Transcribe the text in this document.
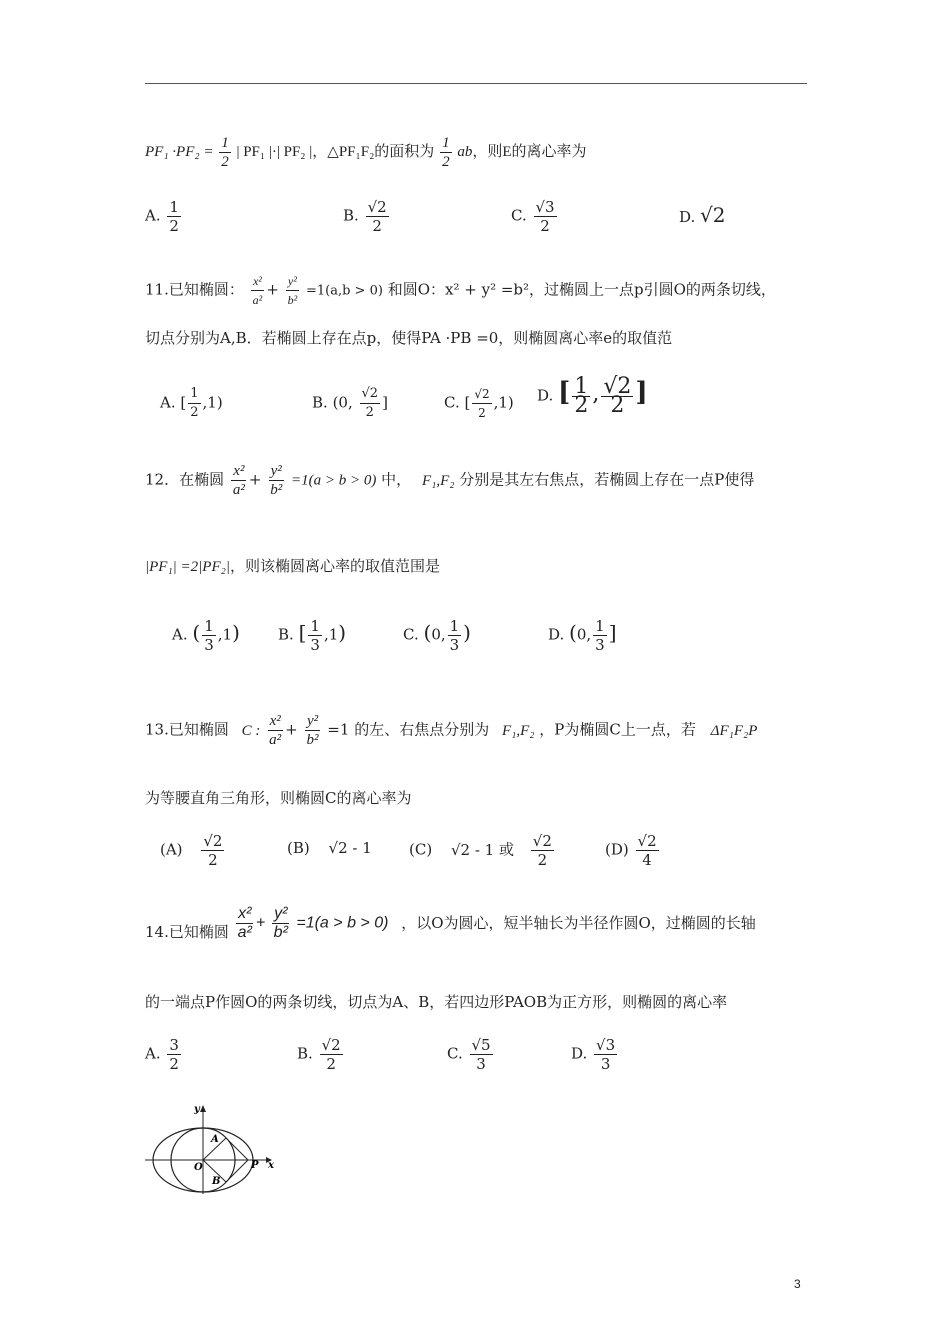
$PF_1 \cdot PF_2 = \frac{1}{2}$ | PF₁ |·| PF₂ |，△PF₁F₂的面积为 $\frac{1}{2}$ ab，则E的离心率为
A. $\frac{1}{2}$	B. $\frac{√2}{2}$	C. $\frac{√3}{2}$	D. √2
11.已知椭圆： $\frac{\text{x²}}{\text{a²}} + \frac{\text{y²}}{\text{b²}} =1(a,b > 0)$ 和圆O：x² + y² =b²，过椭圆上一点p引圆O的两条切线，
切点分别为A,B．若椭圆上存在点p，使得PA ·PB =0，则椭圆离心率e的取值范
A. [ $\frac{1}{2} ,1$)	B. (0, $\frac{√2}{2}$ ]	C. [ $\frac{√2}{2} ,1$) D. [ $\frac{1}{2}$ , $\frac{√2}{2}$ ]
12．在椭圆 $\frac{\text{x²}}{\text{a²}} + \frac{\text{y²}}{\text{b²}} =1(a > b > 0)$ 中， F₁,F₂ 分别是其左右焦点，若椭圆上存在一点P使得
|PF₁| =2|PF₂|，则该椭圆离心率的取值范围是
A. ( $\frac{1}{3} ,1$)	B. [ $\frac{1}{3} ,1$)	C. (0, $\frac{1}{3}$ )	D. (0, $\frac{1}{3}$ ]
13.已知椭圆 C : $\frac{\text{x²}}{\text{a²}} + \frac{\text{y²}}{\text{b²}} =1$ 的左、右焦点分别为 F₁,F₂ ，P为椭圆C上一点，若 ΔF₁F₂P
为等腰直角三角形，则椭圆C的离心率为
$(A) \frac{√2}{2}$	(B) √2 - 1 (C) √2 - 1 或 $\frac{√2}{2}$	$(D) \frac{√2}{4}$
14.已知椭圆 $\frac{\text{x²}}{\text{a²}} + \frac{\text{y²}}{\text{b²}} =1(a > b > 0)$ ，以O为圆心，短半轴长为半径作圆O，过椭圆的长轴
的一端点P作圆O的两条切线，切点为A、B，若四边形PAOB为正方形，则椭圆的离心率
A. $\frac{3}{2}$	B. $\frac{√2}{2}$	C. $\frac{√5}{3}$	D. $\frac{√3}{3}$
y
x
A
O
B
P
3
